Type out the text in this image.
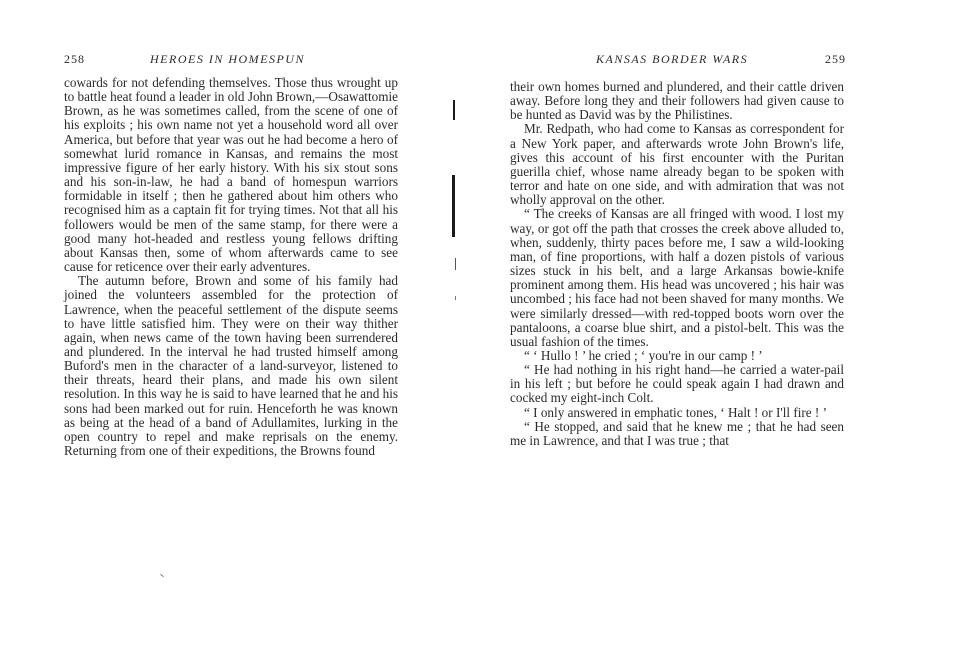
258	HEROES IN HOMESPUN

cowards for not defending themselves. Those thus wrought up to battle heat found a leader in old John Brown,—Osawattomie Brown, as he was sometimes called, from the scene of one of his exploits ; his own name not yet a household word all over America, but before that year was out he had become a hero of somewhat lurid romance in Kansas, and remains the most impressive figure of her early history. With his six stout sons and his son-in-law, he had a band of homespun warriors formidable in itself ; then he gathered about him others who recognised him as a captain fit for trying times. Not that all his followers would be men of the same stamp, for there were a good many hot-headed and restless young fellows drifting about Kansas then, some of whom afterwards came to see cause for reticence over their early adventures.

The autumn before, Brown and some of his family had joined the volunteers assembled for the protection of Lawrence, when the peaceful settlement of the dispute seems to have little satisfied him. They were on their way thither again, when news came of the town having been surrendered and plundered. In the interval he had trusted himself among Buford's men in the character of a land-surveyor, listened to their threats, heard their plans, and made his own silent resolution. In this way he is said to have learned that he and his sons had been marked out for ruin. Henceforth he was known as being at the head of a band of Adullamites, lurking in the open country to repel and make reprisals on the enemy. Returning from one of their expeditions, the Browns found

KANSAS BORDER WARS	259

their own homes burned and plundered, and their cattle driven away. Before long they and their followers had given cause to be hunted as David was by the Philistines.

Mr. Redpath, who had come to Kansas as correspondent for a New York paper, and afterwards wrote John Brown's life, gives this account of his first encounter with the Puritan guerilla chief, whose name already began to be spoken with terror and hate on one side, and with admiration that was not wholly approval on the other.

“ The creeks of Kansas are all fringed with wood. I lost my way, or got off the path that crosses the creek above alluded to, when, suddenly, thirty paces before me, I saw a wild-looking man, of fine proportions, with half a dozen pistols of various sizes stuck in his belt, and a large Arkansas bowie-knife prominent among them. His head was uncovered ; his hair was uncombed ; his face had not been shaved for many months. We were similarly dressed—with red-topped boots worn over the pantaloons, a coarse blue shirt, and a pistol-belt. This was the usual fashion of the times.

“ ‘ Hullo ! ’ he cried ; ‘ you're in our camp ! ’

“ He had nothing in his right hand—he carried a water-pail in his left ; but before he could speak again I had drawn and cocked my eight-inch Colt.

“ I only answered in emphatic tones, ‘ Halt ! or I'll fire ! ’

“ He stopped, and said that he knew me ; that he had seen me in Lawrence, and that I was true ; that
